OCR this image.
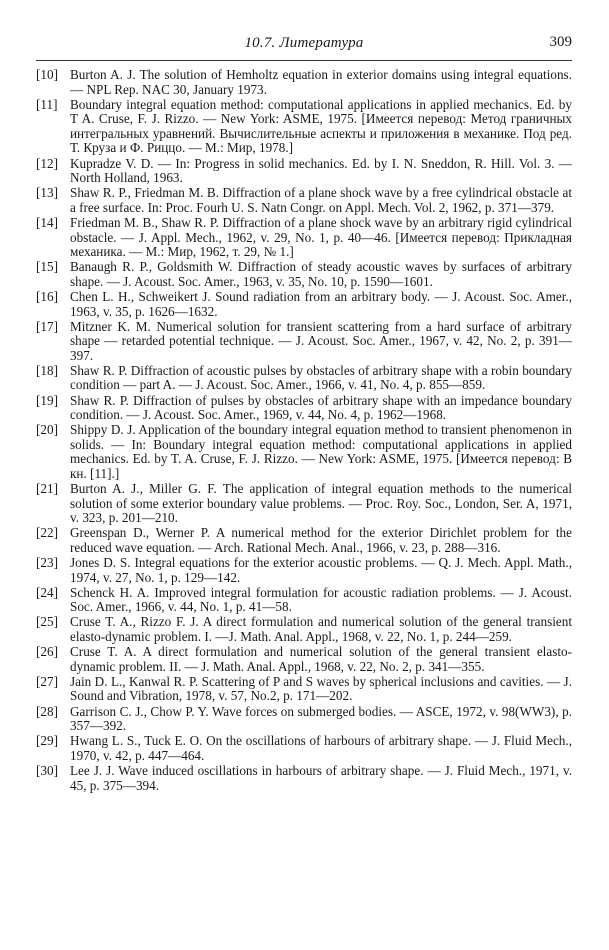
10.7. Литература	309

[10] Burton A. J. The solution of Hemholtz equation in exterior domains using integral equations.— NPL Rep. NAC 30, January 1973.

[11] Boundary integral equation method: computational applications in applied mechanics. Ed. by T A. Cruse, F. J. Rizzo. — New York: ASME, 1975. [Имеется перевод: Метод граничных интегральных уравнений. Вычислительные аспекты и приложения в механике. Под ред. Т. Круза и Ф. Риццо. — М.: Мир, 1978.]

[12] Kupradze V. D. — In: Progress in solid mechanics. Ed. by I. N. Sneddon, R. Hill. Vol. 3. — North Holland, 1963.

[13] Shaw R. P., Friedman M. B. Diffraction of a plane shock wave by a free cylindrical obstacle at a free surface. In: Proc. Fourh U. S. Natn Congr. on Appl. Mech. Vol. 2, 1962, p. 371—379.

[14] Friedman M. B., Shaw R. P. Diffraction of a plane shock wave by an arbitrary rigid cylindrical obstacle. — J. Appl. Mech., 1962, v. 29, No. 1, p. 40—46. [Имеется перевод: Прикладная механика. — М.: Мир, 1962, т. 29, № 1.]

[15] Banaugh R. P., Goldsmith W. Diffraction of steady acoustic waves by surfaces of arbitrary shape. — J. Acoust. Soc. Amer., 1963, v. 35, No. 10, p. 1590—1601.

[16] Chen L. H., Schweikert J. Sound radiation from an arbitrary body. — J. Acoust. Soc. Amer., 1963, v. 35, p. 1626—1632.

[17] Mitzner K. M. Numerical solution for transient scattering from a hard surface of arbitrary shape — retarded potential technique. — J. Acoust. Soc. Amer., 1967, v. 42, No. 2, p. 391—397.

[18] Shaw R. P. Diffraction of acoustic pulses by obstacles of arbitrary shape with a robin boundary condition — part A. — J. Acoust. Soc. Amer., 1966, v. 41, No. 4, p. 855—859.

[19] Shaw R. P. Diffraction of pulses by obstacles of arbitrary shape with an impedance boundary condition. — J. Acoust. Soc. Amer., 1969, v. 44, No. 4, p. 1962—1968.

[20] Shippy D. J. Application of the boundary integral equation method to transient phenomenon in solids. — In: Boundary integral equation method: computational applications in applied mechanics. Ed. by T. A. Cruse, F. J. Rizzo. — New York: ASME, 1975. [Имеется перевод: В кн. [11].]

[21] Burton A. J., Miller G. F. The application of integral equation methods to the numerical solution of some exterior boundary value problems. — Proc. Roy. Soc., London, Ser. A, 1971, v. 323, p. 201—210.

[22] Greenspan D., Werner P. A numerical method for the exterior Dirichlet problem for the reduced wave equation. — Arch. Rational Mech. Anal., 1966, v. 23, p. 288—316.

[23] Jones D. S. Integral equations for the exterior acoustic problems. — Q. J. Mech. Appl. Math., 1974, v. 27, No. 1, p. 129—142.

[24] Schenck H. A. Improved integral formulation for acoustic radiation problems. — J. Acoust. Soc. Amer., 1966, v. 44, No. 1, p. 41—58.

[25] Cruse T. A., Rizzo F. J. A direct formulation and numerical solution of the general transient elasto-dynamic problem. I. —J. Math. Anal. Appl., 1968, v. 22, No. 1, p. 244—259.

[26] Cruse T. A. A direct formulation and numerical solution of the general transient elasto-dynamic problem. II. — J. Math. Anal. Appl., 1968, v. 22, No. 2, p. 341—355.

[27] Jain D. L., Kanwal R. P. Scattering of P and S waves by spherical inclusions and cavities. — J. Sound and Vibration, 1978, v. 57, No.2, p. 171—202.

[28] Garrison C. J., Chow P. Y. Wave forces on submerged bodies. — ASCE, 1972, v. 98(WW3), p. 357—392.

[29] Hwang L. S., Tuck E. O. On the oscillations of harbours of arbitrary shape. — J. Fluid Mech., 1970, v. 42, p. 447—464.

[30] Lee J. J. Wave induced oscillations in harbours of arbitrary shape. — J. Fluid Mech., 1971, v. 45, p. 375—394.
